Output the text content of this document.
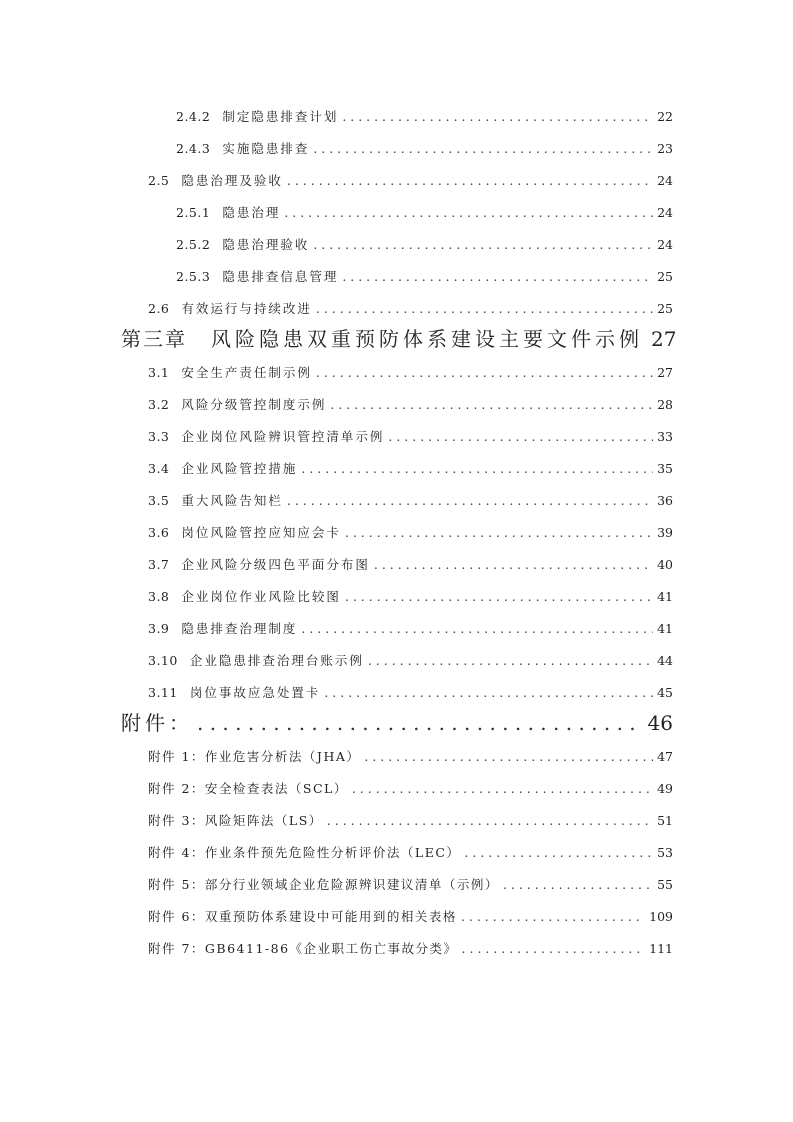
2.4.2 制定隐患排查计划 . . .	22
2.4.3 实施隐患排查 . . .	23
2.5 隐患治理及验收 . . .	24
2.5.1 隐患治理 . . .	24
2.5.2 隐患治理验收 . . .	24
2.5.3 隐患排查信息管理 . . .	25
2.6 有效运行与持续改进 . . .	25
第三章 风险隐患双重预防体系建设主要文件示例 27
3.1 安全生产责任制示例 . . .	27
3.2 风险分级管控制度示例 . . .	28
3.3 企业岗位风险辨识管控清单示例 . . .	33
3.4 企业风险管控措施 . . .	35
3.5 重大风险告知栏 . . .	36
3.6 岗位风险管控应知应会卡 . . .	39
3.7 企业风险分级四色平面分布图 . . .	40
3.8 企业岗位作业风险比较图 . . .	41
3.9 隐患排查治理制度 . . .	41
3.10 企业隐患排查治理台账示例 . . .	44
3.11 岗位事故应急处置卡 . . .	45
附件： . . .	46
附件 1：作业危害分析法（JHA） . . .	47
附件 2：安全检查表法（SCL） . . .	49
附件 3：风险矩阵法（LS） . . .	51
附件 4：作业条件预先危险性分析评价法（LEC） . . .	53
附件 5：部分行业领域企业危险源辨识建议清单（示例） . . .	55
附件 6：双重预防体系建设中可能用到的相关表格 . . .	109
附件 7：GB6411-86《企业职工伤亡事故分类》 . . .	111
